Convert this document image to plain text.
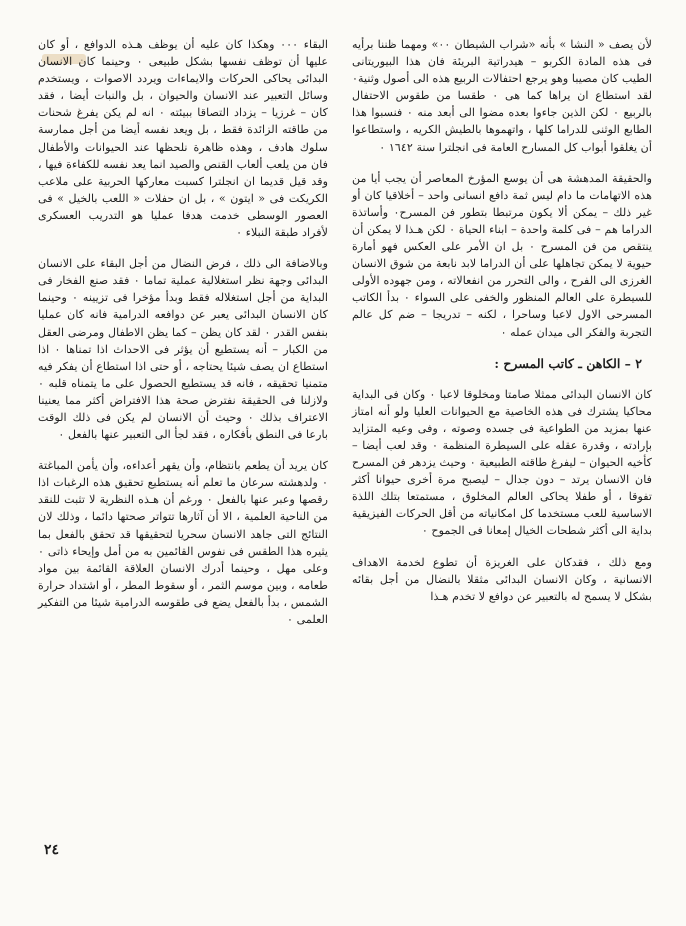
لأن يصف « النشا » بأنه «شراب الشيطان ٠٠» ومهما ظننا برأيه فى هذه المادة الكربو – هيدراتية البريئة فان هذا البيوريتانى الطيب كان مصيبا وهو يرجع احتفالات الربيع هذه الى أصول وثنية٠ لقد استطاع ان يراها كما هى ٠ طقسا من طقوس الاحتفال بالربيع ٠ لكن الذين جاءوا بعده مضوا الى أبعد منه ٠ فنسبوا هذا الطابع الوثنى للدراما كلها ، واتهموها بالطيش الكريه ، واستطاعوا أن يغلقوا أبواب كل المسارح العامة فى انجلترا سنة ١٦٤٢ ٠

والحقيقة المدهشة هى أن يوسع المؤرخ المعاصر أن يجب أيا من هذه الاتهامات ما دام ليس ثمة دافع انسانى واحد – أخلاقيا كان أو غير ذلك – يمكن ألا يكون مرتبطا بتطور فن المسرح٠ وأساتذة الدراما هم – فى كلمة واحدة – ابناء الحياة ٠ لكن هـذا لا يمكن أن ينتقص من فن المسرح ٠ بل ان الأمر على العكس فهو أمارة حيوية لا يمكن تجاهلها على أن الدراما لابد نابعة من شوق الانسان الغرزى الى الفرح ، والى التحرر من انفعالاته ، ومن جهوده الأولى للسيطرة على العالم المنظور والخفى على السواء ٠ بدأ الكاتب المسرحى الاول لاعبا وساحرا ، لكنه – تدريجا – ضم كل عالم التجربة والفكر الى ميدان عمله ٠

٢ – الكاهن ـ كاتب المسرح :

كان الانسان البدائى ممثلا صامتا ومخلوقا لاعبا ٠ وكان فى البداية محاكيا يشترك فى هذه الخاصية مع الحيوانات العليا ولو أنه امتاز عنها بمزيد من الطواعية فى جسده وصوته ، وفى وعيه المتزايد بإرادته ، وقدرة عقله على السيطرة المنظمة ٠ وقد لعب أيضا – كأخيه الحيوان – ليفرغ طاقته الطبيعية ٠ وحيث يزدهر فن المسرح فان الانسان يرتد – دون جدال – ليصبح مرة أخرى حيوانا أكثر تفوقا ، أو طفلا يحاكى العالم المخلوق ، مستمتعا بتلك اللذة الاساسية للعب مستخدما كل امكانياته من أقل الحركات الفيزيقية بداية الى أكثر شطحات الخيال إمعانا فى الجموح ٠

ومع ذلك ، فقدكان على الغريزة أن تطوع لخدمة الاهداف الانسانية ، وكان الانسان البدائى مثقلا بالنضال من أجل بقائه بشكل لا يسمح له بالتعبير عن دوافع لا تخدم هـذا

البقاء ٠٠٠ وهكذا كان عليه أن يوظف هـذه الدوافع ، أو كان عليها أن توظف نفسها بشكل طبيعى ٠ وحينما كان الانسان البدائى يحاكى الحركات والايماءات ويردد الاصوات ، ويستخدم وسائل التعبير عند الانسان والحيوان ، بل والنبات أيضا ، فقد كان – غرزيا – يزداد التصاقا ببيئته ٠ انه لم يكن يفرغ شحنات من طاقته الزائدة فقط ، بل ويعد نفسه أيضا من أجل ممارسة سلوك هادف ، وهذه ظاهرة نلحظها عند الحيوانات والأطفال فان من يلعب ألعاب القنص والصيد انما يعد نفسه للكفاءة فيها ، وقد قيل قديما ان انجلترا كسبت معاركها الحربية على ملاعب الكريكت فى « ايتون » ، بل ان حفلات « اللعب بالخيل » فى العصور الوسطى خدمت هدفا عمليا هو التدريب العسكرى لأفراد طبقة النبلاء ٠

وبالاضافة الى ذلك ، فرض النضال من أجل البقاء على الانسان البدائى وجهة نظر استغلالية عملية تماما ٠ فقد صنع الفخار فى البداية من أجل استغلاله فقط وبدأ مؤخرا فى تزيينه ٠ وحينما كان الانسان البدائى يعبر عن دوافعه الدرامية فانه كان عمليا بنفس القدر ٠ لقد كان يظن – كما يظن الاطفال ومرضى العقل من الكبار – أنه يستطيع أن يؤثر فى الاحداث اذا تمناها ٠ اذا استطاع ان يصف شيئا يحتاجه ، أو حتى اذا استطاع أن يفكر فيه متمنيا تحقيقه ، فانه قد يستطيع الحصول على ما يتمناه قلبه ٠ ولازلنا فى الحقيقة نفترض صحة هذا الافتراض أكثر مما يعنينا الاعتراف بذلك ٠ وحيث أن الانسان لم يكن فى ذلك الوقت بارعا فى النطق بأفكاره ، فقد لجأ الى التعبير عنها بالفعل ٠

كان يريد أن يطعم بانتظام، وأن يقهر أعداءه، وأن يأمن المباغتة ٠ ولدهشته سرعان ما تعلم أنه يستطيع تحقيق هذه الرغبات اذا رقصها وعبر عنها بالفعل ٠ ورغم أن هـذه النظرية لا تثبت للنقد من الناحية العلمية ، الا أن آثارها تتواتر صحتها دائما ، وذلك لان النتائج التى جاهد الانسان سحريا لتحقيقها قد تحقق بالفعل بما يثيره هذا الطقس فى نفوس القائمين به من أمل وإيحاء ذاتى ٠ وعلى مهل ، وحينما أدرك الانسان العلاقة القائمة بين مواد طعامه ، وبين موسم الثمر ، أو سقوط المطر ، أو اشتداد حرارة الشمس ، بدأ بالفعل يضع فى طقوسه الدرامية شيئا من التفكير العلمى ٠

٢٤
